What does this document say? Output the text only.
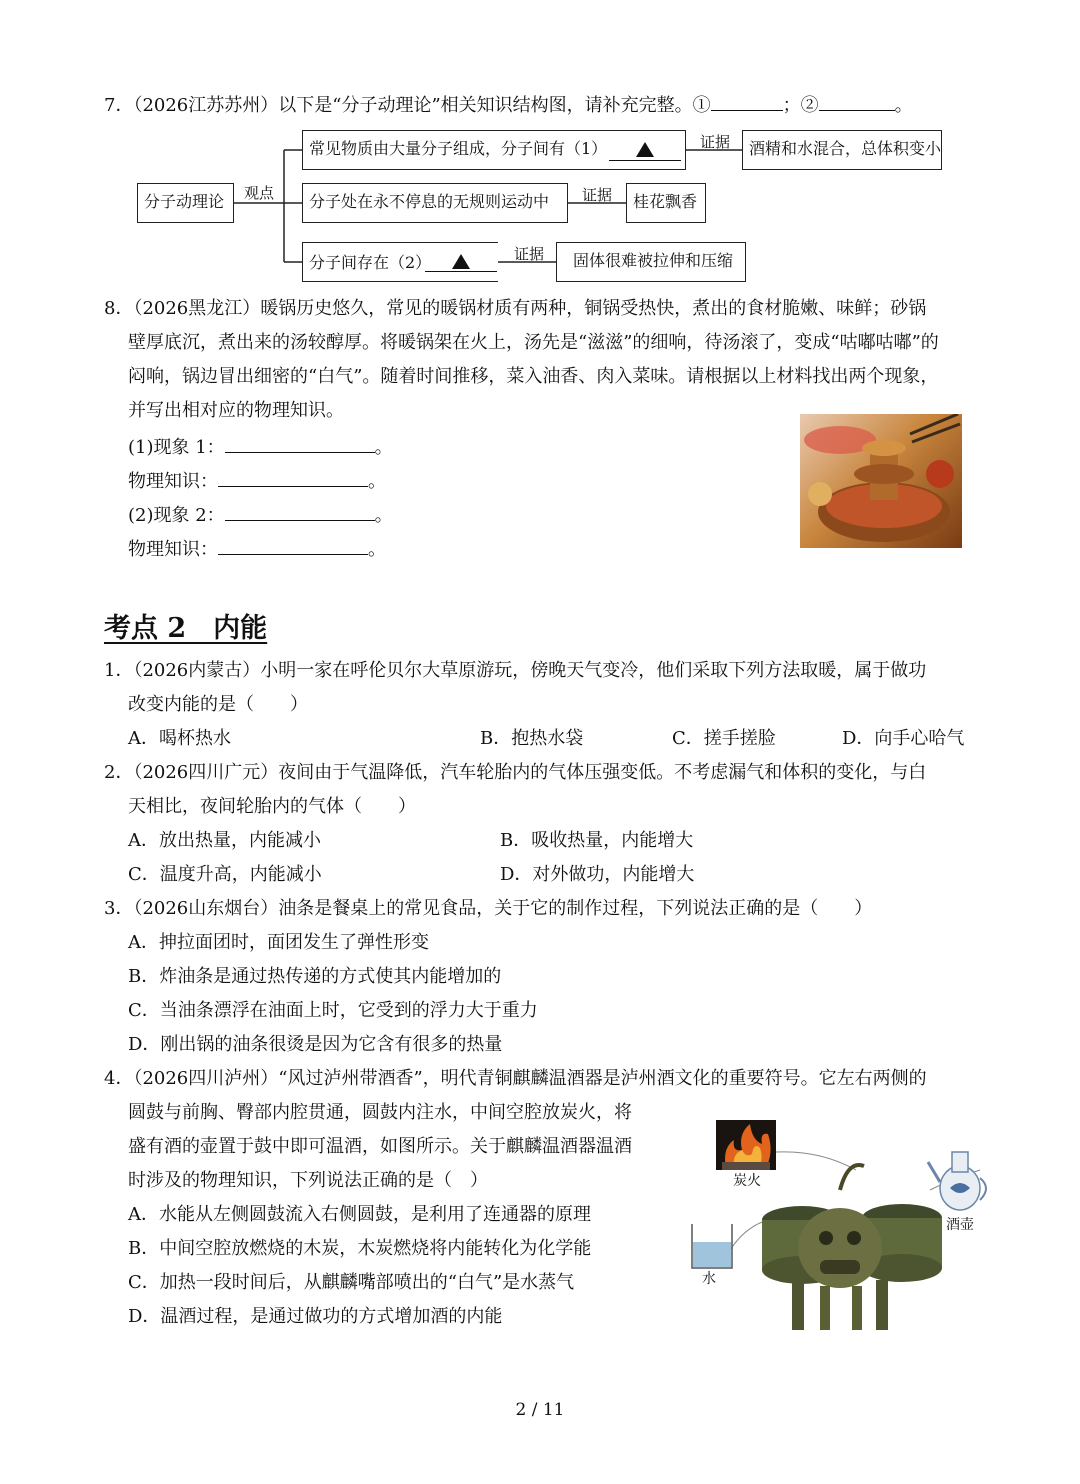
7．（2026江苏苏州）以下是“分子动理论”相关知识结构图，请补充完整。①	；②	。
分子动理论	观点
常见物质由大量分子组成，分子间有（1）	证据	酒精和水混合，总体积变小
分子处在永不停息的无规则运动中	证据	桂花飘香
分子间存在（2）	证据	固体很难被拉伸和压缩
8．（2026黑龙江）暖锅历史悠久，常见的暖锅材质有两种，铜锅受热快，煮出的食材脆嫩、味鲜；砂锅
壁厚底沉，煮出来的汤较醇厚。将暖锅架在火上，汤先是“滋滋”的细响，待汤滚了，变成“咕嘟咕嘟”的
闷响，锅边冒出细密的“白气”。随着时间推移，菜入油香、肉入菜味。请根据以上材料找出两个现象，
并写出相对应的物理知识。
(1)现象 1：	。
物理知识：	。
(2)现象 2：	。
物理知识：	。
考点 2　内能
1．（2026内蒙古）小明一家在呼伦贝尔大草原游玩，傍晚天气变冷，他们采取下列方法取暖，属于做功
改变内能的是（　　）
A．喝杯热水	B．抱热水袋	C．搓手搓脸	D．向手心哈气
2．（2026四川广元）夜间由于气温降低，汽车轮胎内的气体压强变低。不考虑漏气和体积的变化，与白
天相比，夜间轮胎内的气体（　　）
A．放出热量，内能减小	B．吸收热量，内能增大
C．温度升高，内能减小	D．对外做功，内能增大
3．（2026山东烟台）油条是餐桌上的常见食品，关于它的制作过程，下列说法正确的是（　　）
A．抻拉面团时，面团发生了弹性形变
B．炸油条是通过热传递的方式使其内能增加的
C．当油条漂浮在油面上时，它受到的浮力大于重力
D．刚出锅的油条很烫是因为它含有很多的热量
4．（2026四川泸州）“风过泸州带酒香”，明代青铜麒麟温酒器是泸州酒文化的重要符号。它左右两侧的
圆鼓与前胸、臀部内腔贯通，圆鼓内注水，中间空腔放炭火，将
盛有酒的壶置于鼓中即可温酒，如图所示。关于麒麟温酒器温酒
时涉及的物理知识，下列说法正确的是（　）
A．水能从左侧圆鼓流入右侧圆鼓，是利用了连通器的原理
B．中间空腔放燃烧的木炭，木炭燃烧将内能转化为化学能
C．加热一段时间后，从麒麟嘴部喷出的“白气”是水蒸气
D．温酒过程，是通过做功的方式增加酒的内能
炭火
酒壶
水
2 / 11
